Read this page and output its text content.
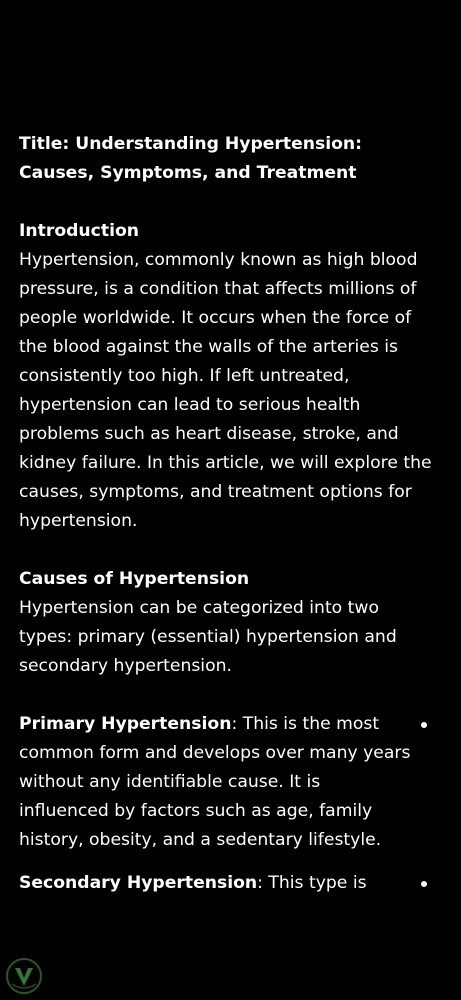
Title: Understanding Hypertension: Causes, Symptoms, and Treatment

Introduction

Hypertension, commonly known as high blood pressure, is a condition that affects millions of people worldwide. It occurs when the force of the blood against the walls of the arteries is consistently too high. If left untreated, hypertension can lead to serious health problems such as heart disease, stroke, and kidney failure. In this article, we will explore the causes, symptoms, and treatment options for hypertension.

Causes of Hypertension

Hypertension can be categorized into two types: primary (essential) hypertension and secondary hypertension.

Primary Hypertension: This is the most common form and develops over many years without any identifiable cause. It is influenced by factors such as age, family history, obesity, and a sedentary lifestyle.
Secondary Hypertension: This type is
